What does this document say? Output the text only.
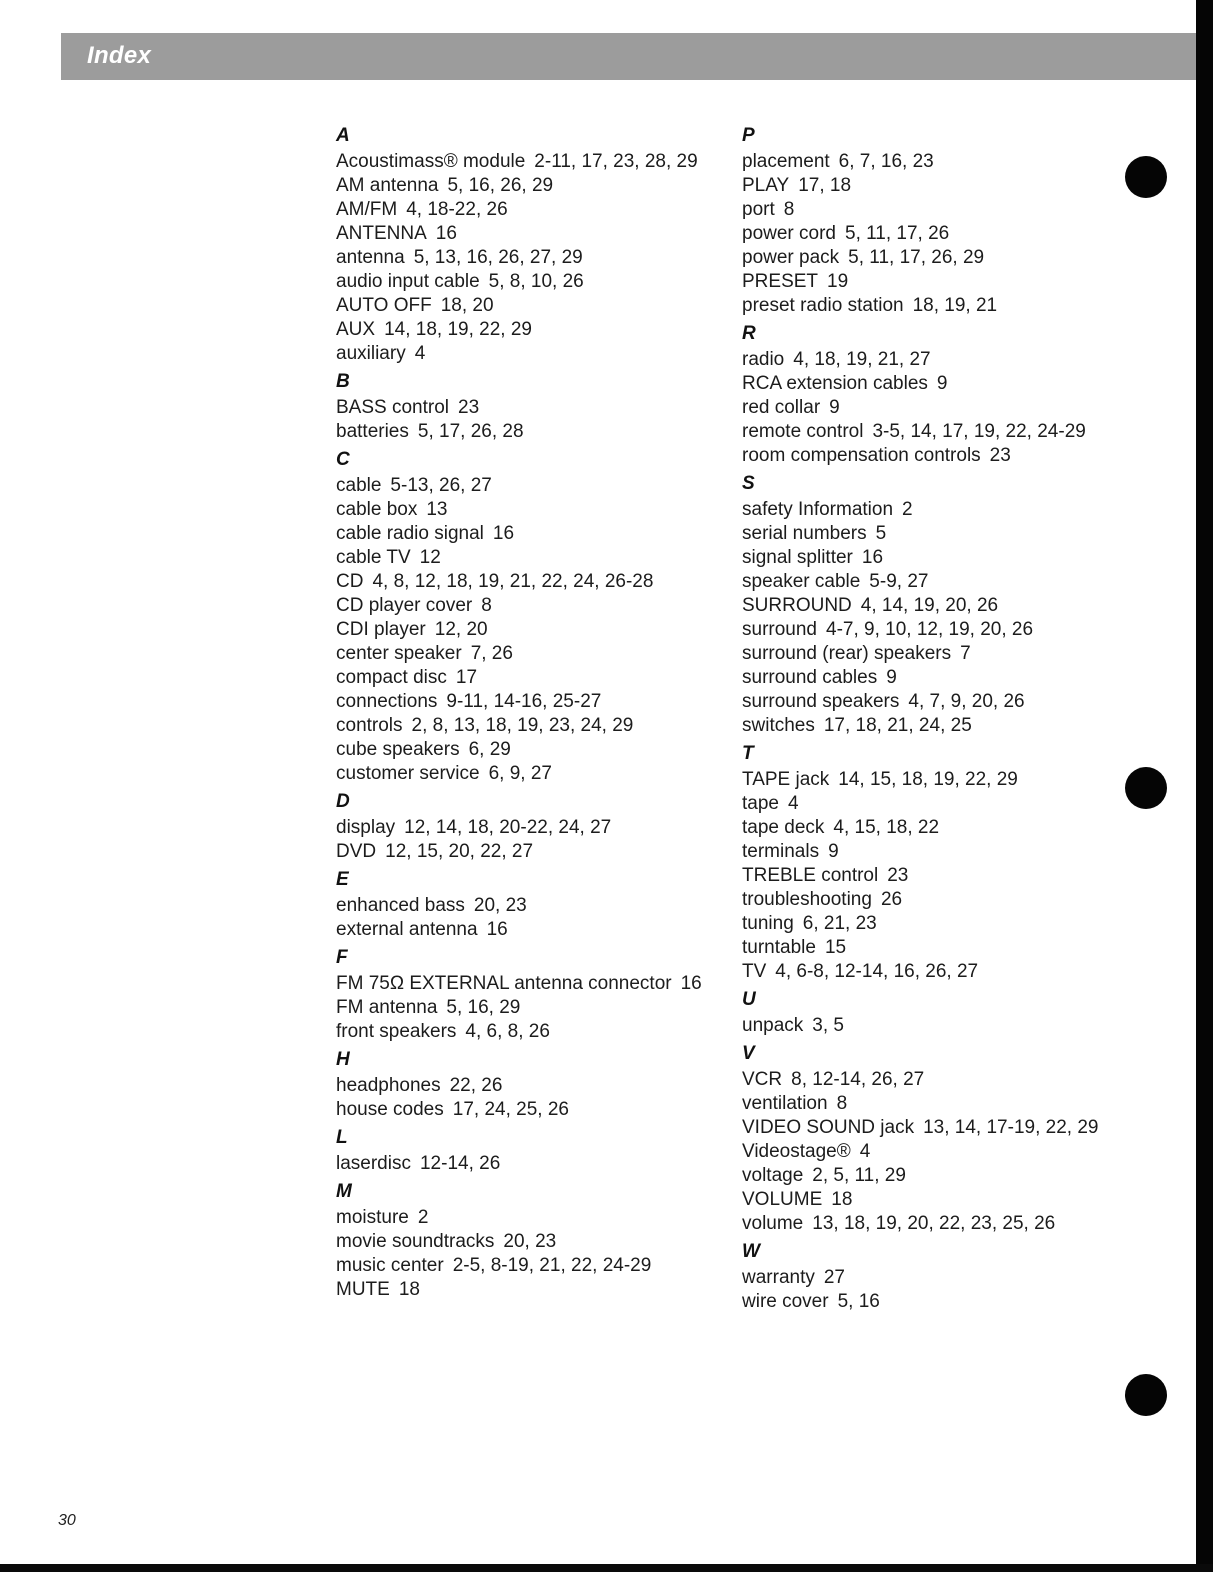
Index
A
Acoustimass® module 2-11, 17, 23, 28, 29
AM antenna 5, 16, 26, 29
AM/FM 4, 18-22, 26
ANTENNA 16
antenna 5, 13, 16, 26, 27, 29
audio input cable 5, 8, 10, 26
AUTO OFF 18, 20
AUX 14, 18, 19, 22, 29
auxiliary 4
B
BASS control 23
batteries 5, 17, 26, 28
C
cable 5-13, 26, 27
cable box 13
cable radio signal 16
cable TV 12
CD 4, 8, 12, 18, 19, 21, 22, 24, 26-28
CD player cover 8
CDI player 12, 20
center speaker 7, 26
compact disc 17
connections 9-11, 14-16, 25-27
controls 2, 8, 13, 18, 19, 23, 24, 29
cube speakers 6, 29
customer service 6, 9, 27
D
display 12, 14, 18, 20-22, 24, 27
DVD 12, 15, 20, 22, 27
E
enhanced bass 20, 23
external antenna 16
F
FM 75Ω EXTERNAL antenna connector 16
FM antenna 5, 16, 29
front speakers 4, 6, 8, 26
H
headphones 22, 26
house codes 17, 24, 25, 26
L
laserdisc 12-14, 26
M
moisture 2
movie soundtracks 20, 23
music center 2-5, 8-19, 21, 22, 24-29
MUTE 18
P
placement 6, 7, 16, 23
PLAY 17, 18
port 8
power cord 5, 11, 17, 26
power pack 5, 11, 17, 26, 29
PRESET 19
preset radio station 18, 19, 21
R
radio 4, 18, 19, 21, 27
RCA extension cables 9
red collar 9
remote control 3-5, 14, 17, 19, 22, 24-29
room compensation controls 23
S
safety Information 2
serial numbers 5
signal splitter 16
speaker cable 5-9, 27
SURROUND 4, 14, 19, 20, 26
surround 4-7, 9, 10, 12, 19, 20, 26
surround (rear) speakers 7
surround cables 9
surround speakers 4, 7, 9, 20, 26
switches 17, 18, 21, 24, 25
T
TAPE jack 14, 15, 18, 19, 22, 29
tape 4
tape deck 4, 15, 18, 22
terminals 9
TREBLE control 23
troubleshooting 26
tuning 6, 21, 23
turntable 15
TV 4, 6-8, 12-14, 16, 26, 27
U
unpack 3, 5
V
VCR 8, 12-14, 26, 27
ventilation 8
VIDEO SOUND jack 13, 14, 17-19, 22, 29
Videostage® 4
voltage 2, 5, 11, 29
VOLUME 18
volume 13, 18, 19, 20, 22, 23, 25, 26
W
warranty 27
wire cover 5, 16
30
